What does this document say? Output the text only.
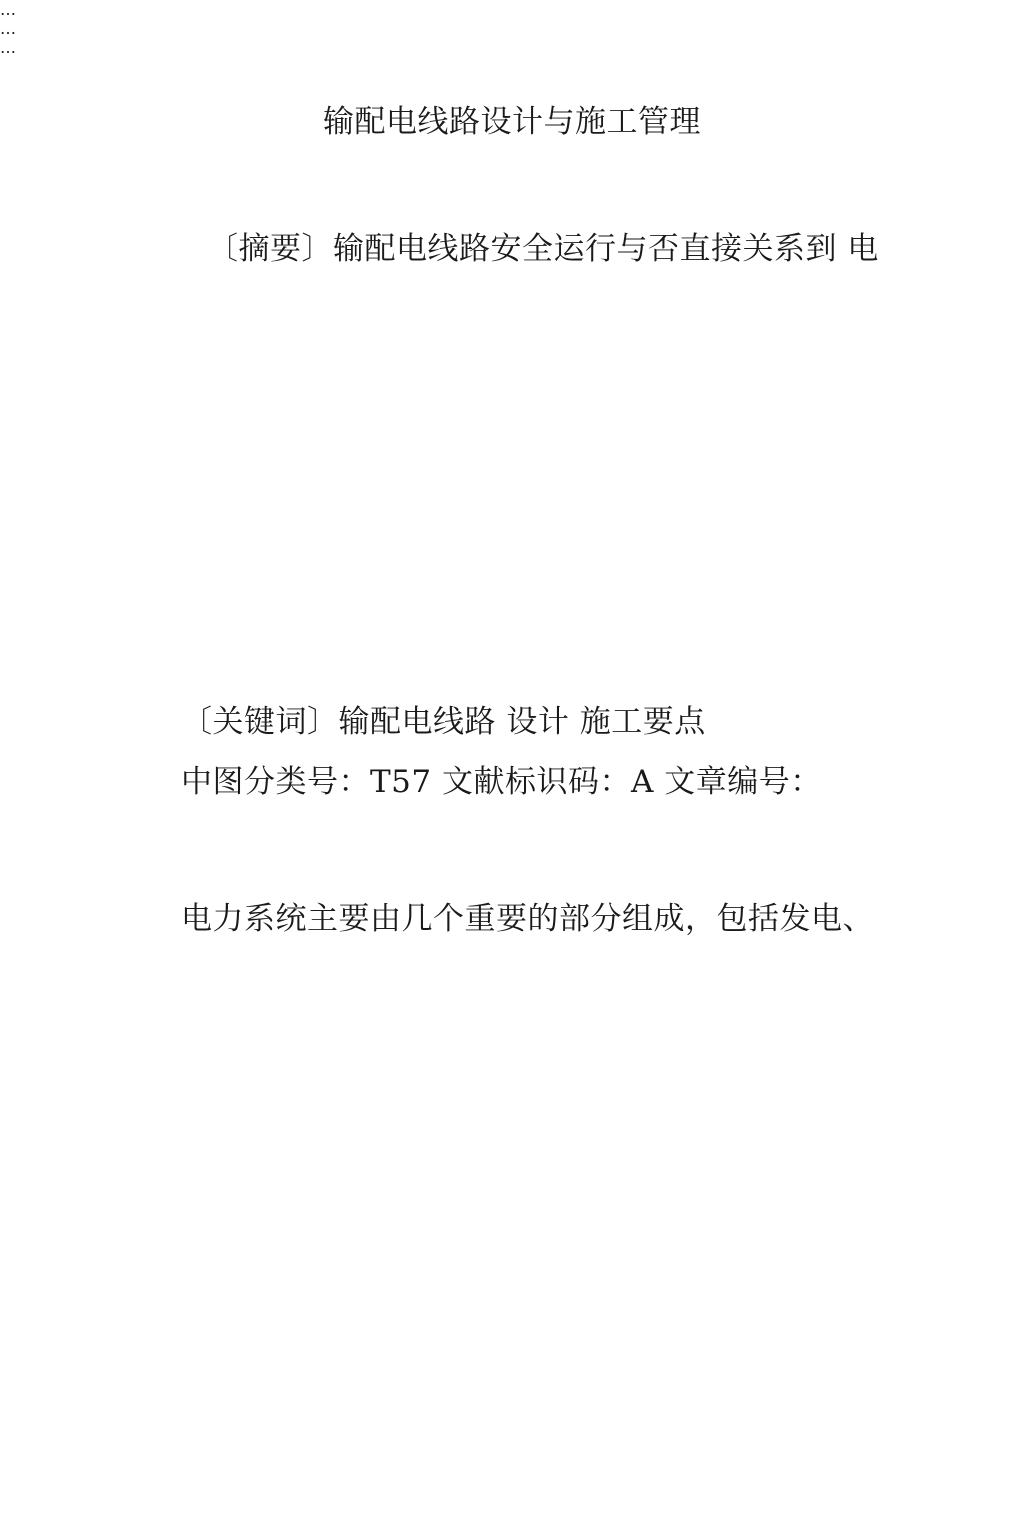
输配电线路设计与施工管理
〔摘要〕输配电线路安全运行与否直接关系到 电
…
〔关键词〕输配电线路 设计 施工要点
中图分类号：T57 文献标识码：A 文章编号：
…
电力系统主要由几个重要的部分组成，包括发电、
…
